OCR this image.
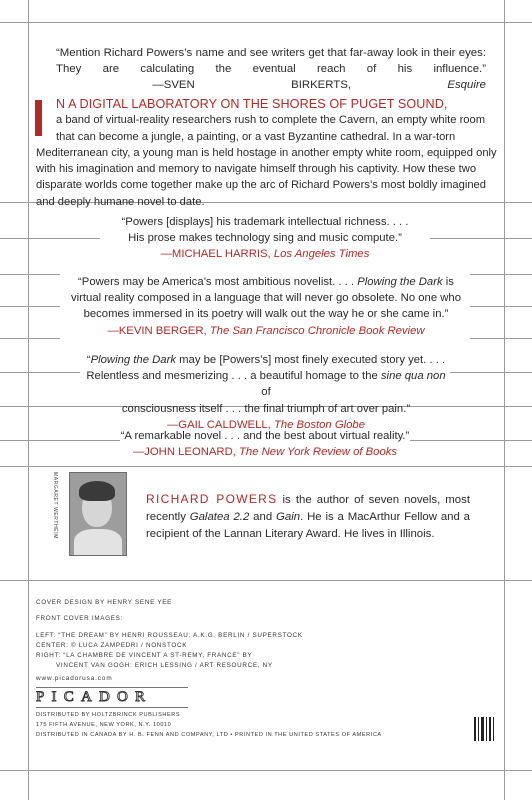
“Mention Richard Powers’s name and see writers get that far-away look in their eyes: They are calculating the eventual reach of his influence.”  —SVEN BIRKERTS,	Esquire
N A DIGITAL LABORATORY ON THE SHORES OF PUGET SOUND,
a band of virtual-reality researchers rush to complete the Cavern, an empty white room that can become a jungle, a painting, or a vast Byzantine cathedral. In a war-torn
Mediterranean city, a young man is held hostage in another empty white room, equipped only with his imagination and memory to navigate himself through his captivity. How these two disparate worlds come together make up the arc of Richard Powers’s most boldly imagined and deeply humane novel to date.
“Powers [displays] his trademark intellectual richness. . . .
His prose makes technology sing and music compute.”
—MICHAEL HARRIS, Los Angeles Times
“Powers may be America’s most ambitious novelist. . . . Plowing the Dark is
virtual reality composed in a language that will never go obsolete. No one who
becomes immersed in its poetry will walk out the way he or she came in.”
—KEVIN BERGER, The San Francisco Chronicle Book Review
“Plowing the Dark may be [Powers’s] most finely executed story yet. . . .
Relentless and mesmerizing . . . a beautiful homage to the sine qua non of
consciousness itself . . . the final triumph of art over pain.”
—GAIL CALDWELL, The Boston Globe
“A remarkable novel . . . and the best about virtual reality.”
—JOHN LEONARD, The New York Review of Books
MARGARET WERTHEIM	RICHARD POWERS is the author of seven novels, most recently Galatea 2.2 and Gain. He is a MacArthur Fellow and a recipient of the Lannan Literary Award. He lives in Illinois.
COVER DESIGN BY HENRY SENE YEE
FRONT COVER IMAGES:
LEFT: “THE DREAM” BY HENRI ROUSSEAU: A.K.G. BERLIN / SUPERSTOCK
CENTER: © LUCA ZAMPEDRI / NONSTOCK
RIGHT: “LA CHAMBRE DE VINCENT A ST-REMY, FRANCE” BY
VINCENT VAN GOGH: ERICH LESSING / ART RESOURCE, NY
www.picadorusa.com
PICADOR
DISTRIBUTED BY HOLTZBRINCK PUBLISHERS
175 FIFTH AVENUE, NEW YORK, N.Y. 10010
DISTRIBUTED IN CANADA BY H. B. FENN AND COMPANY, LTD • PRINTED IN THE UNITED STATES OF AMERICA
